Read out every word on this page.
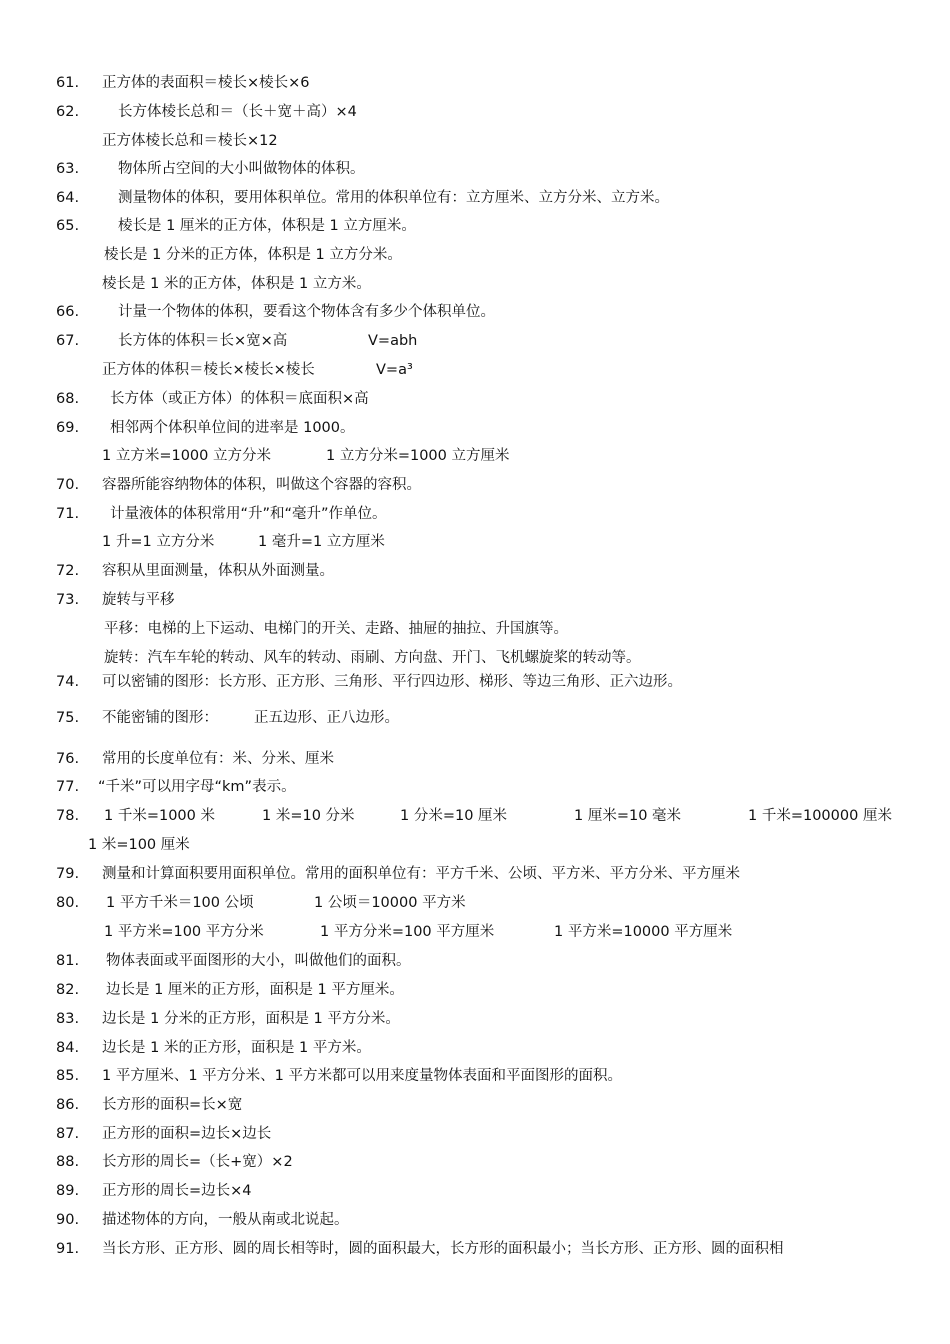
61. 正方体的表面积＝棱长×棱长×6
62.	长方体棱长总和＝（长＋宽＋高）×4
正方体棱长总和＝棱长×12
63.	物体所占空间的大小叫做物体的体积。
64.	测量物体的体积，要用体积单位。常用的体积单位有：立方厘米、立方分米、立方米。
65.	棱长是 1 厘米的正方体，体积是 1 立方厘米。
棱长是 1 分米的正方体，体积是 1 立方分米。
棱长是 1 米的正方体，体积是 1 立方米。
66.	计量一个物体的体积，要看这个物体含有多少个体积单位。
67.	长方体的体积＝长×宽×高	V=abh
正方体的体积＝棱长×棱长×棱长	V=a³
68. 长方体（或正方体）的体积＝底面积×高
69. 相邻两个体积单位间的进率是 1000。
1 立方米=1000 立方分米	1 立方分米=1000 立方厘米
70. 容器所能容纳物体的体积，叫做这个容器的容积。
71. 计量液体的体积常用“升”和“毫升”作单位。
1 升=1 立方分米	1 毫升=1 立方厘米
72. 容积从里面测量，体积从外面测量。
73. 旋转与平移
平移：电梯的上下运动、电梯门的开关、走路、抽屉的抽拉、升国旗等。
旋转：汽车车轮的转动、风车的转动、雨刷、方向盘、开门、飞机螺旋桨的转动等。
74. 可以密铺的图形：长方形、正方形、三角形、平行四边形、梯形、等边三角形、正六边形。
75. 不能密铺的图形： 正五边形、正八边形。
76. 常用的长度单位有：米、分米、厘米
77. “千米”可以用字母“km”表示。
78. 1 千米=1000 米	1 米=10 分米	1 分米=10 厘米	1 厘米=10 毫米	1 千米=100000 厘米
1 米=100 厘米
79. 测量和计算面积要用面积单位。常用的面积单位有：平方千米、公顷、平方米、平方分米、平方厘米
80. 1 平方千米＝100 公顷	1 公顷＝10000 平方米
1 平方米=100 平方分米	1 平方分米=100 平方厘米	1 平方米=10000 平方厘米
81. 物体表面或平面图形的大小，叫做他们的面积。
82. 边长是 1 厘米的正方形，面积是 1 平方厘米。
83. 边长是 1 分米的正方形，面积是 1 平方分米。
84. 边长是 1 米的正方形，面积是 1 平方米。
85. 1 平方厘米、1 平方分米、1 平方米都可以用来度量物体表面和平面图形的面积。
86. 长方形的面积=长×宽
87. 正方形的面积=边长×边长
88. 长方形的周长=（长+宽）×2
89. 正方形的周长=边长×4
90. 描述物体的方向，一般从南或北说起。
91. 当长方形、正方形、圆的周长相等时，圆的面积最大，长方形的面积最小；当长方形、正方形、圆的面积相
